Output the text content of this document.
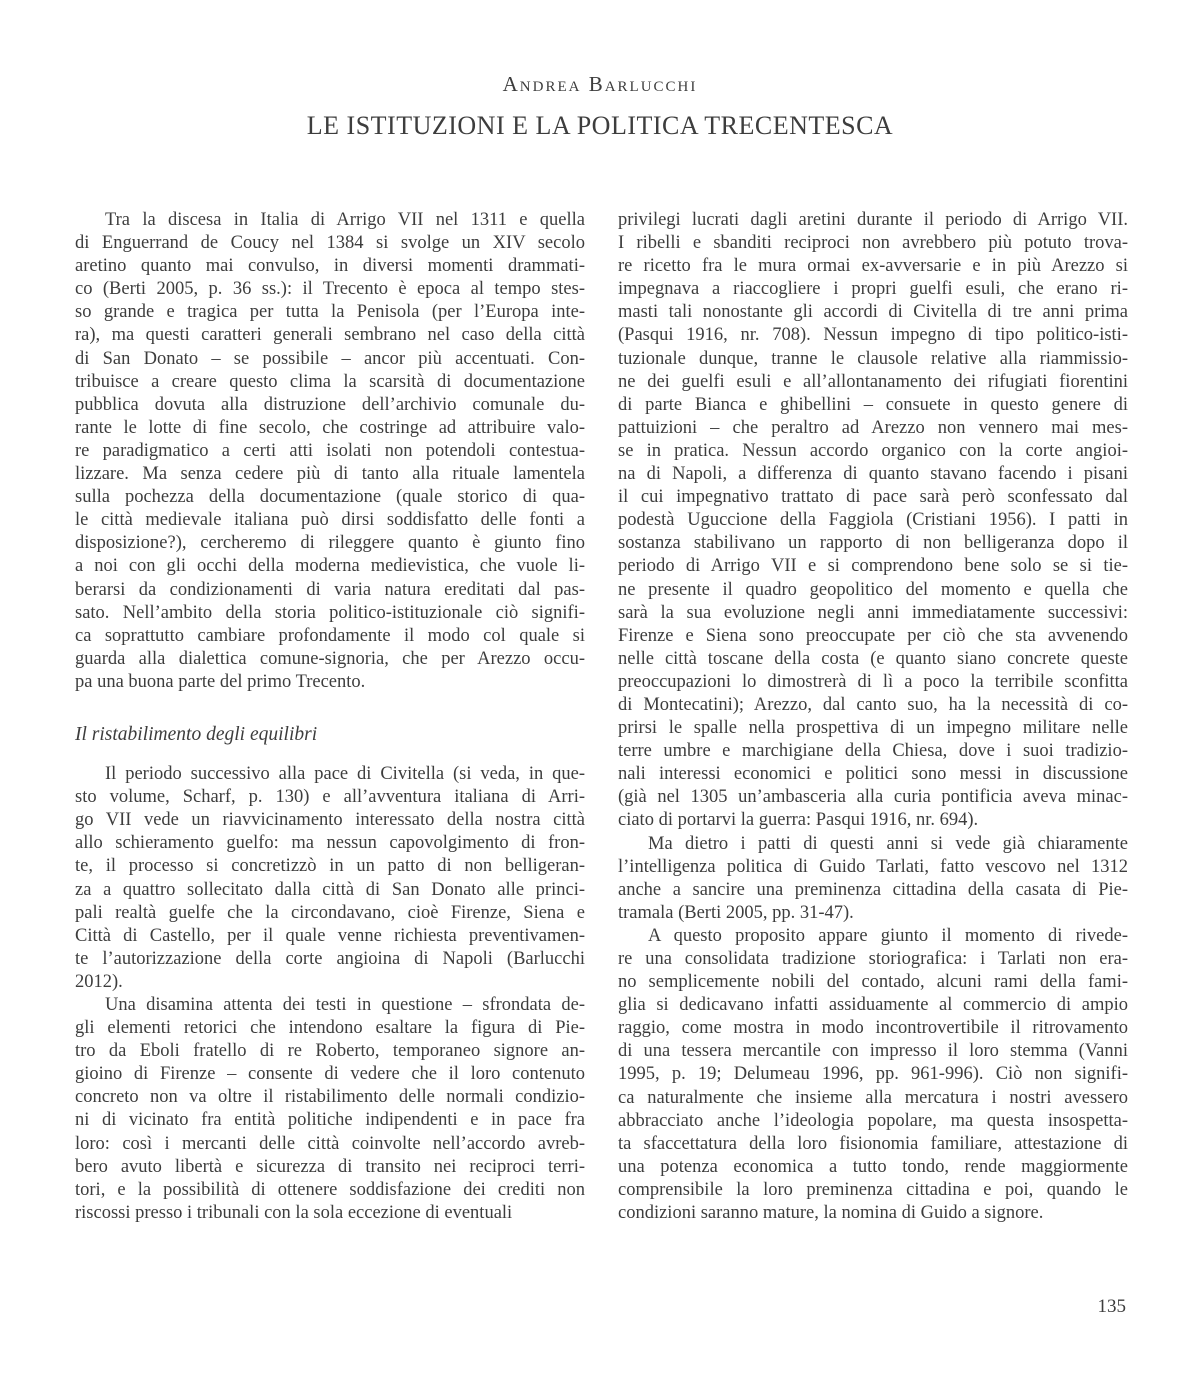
Andrea Barlucchi
LE ISTITUZIONI E LA POLITICA TRECENTESCA
Tra la discesa in Italia di Arrigo VII nel 1311 e quella
di Enguerrand de Coucy nel 1384 si svolge un XIV secolo
aretino quanto mai convulso, in diversi momenti drammati-
co (Berti 2005, p. 36 ss.): il Trecento è epoca al tempo stes-
so grande e tragica per tutta la Penisola (per l’Europa inte-
ra), ma questi caratteri generali sembrano nel caso della città
di San Donato – se possibile – ancor più accentuati. Con-
tribuisce a creare questo clima la scarsità di documentazione
pubblica dovuta alla distruzione dell’archivio comunale du-
rante le lotte di fine secolo, che costringe ad attribuire valo-
re paradigmatico a certi atti isolati non potendoli contestua-
lizzare. Ma senza cedere più di tanto alla rituale lamentela
sulla pochezza della documentazione (quale storico di qua-
le città medievale italiana può dirsi soddisfatto delle fonti a
disposizione?), cercheremo di rileggere quanto è giunto fino
a noi con gli occhi della moderna medievistica, che vuole li-
berarsi da condizionamenti di varia natura ereditati dal pas-
sato. Nell’ambito della storia politico-istituzionale ciò signifi-
ca soprattutto cambiare profondamente il modo col quale si
guarda alla dialettica comune-signoria, che per Arezzo occu-
pa una buona parte del primo Trecento.
Il ristabilimento degli equilibri
Il periodo successivo alla pace di Civitella (si veda, in que-
sto volume, Scharf, p. 130) e all’avventura italiana di Arri-
go VII vede un riavvicinamento interessato della nostra città
allo schieramento guelfo: ma nessun capovolgimento di fron-
te, il processo si concretizzò in un patto di non belligeran-
za a quattro sollecitato dalla città di San Donato alle princi-
pali realtà guelfe che la circondavano, cioè Firenze, Siena e
Città di Castello, per il quale venne richiesta preventivamen-
te l’autorizzazione della corte angioina di Napoli (Barlucchi
2012).
Una disamina attenta dei testi in questione – sfrondata de-
gli elementi retorici che intendono esaltare la figura di Pie-
tro da Eboli fratello di re Roberto, temporaneo signore an-
gioino di Firenze – consente di vedere che il loro contenuto
concreto non va oltre il ristabilimento delle normali condizio-
ni di vicinato fra entità politiche indipendenti e in pace fra
loro: così i mercanti delle città coinvolte nell’accordo avreb-
bero avuto libertà e sicurezza di transito nei reciproci terri-
tori, e la possibilità di ottenere soddisfazione dei crediti non
riscossi presso i tribunali con la sola eccezione di eventuali
privilegi lucrati dagli aretini durante il periodo di Arrigo VII.
I ribelli e sbanditi reciproci non avrebbero più potuto trova-
re ricetto fra le mura ormai ex-avversarie e in più Arezzo si
impegnava a riaccogliere i propri guelfi esuli, che erano ri-
masti tali nonostante gli accordi di Civitella di tre anni prima
(Pasqui 1916, nr. 708). Nessun impegno di tipo politico-isti-
tuzionale dunque, tranne le clausole relative alla riammissio-
ne dei guelfi esuli e all’allontanamento dei rifugiati fiorentini
di parte Bianca e ghibellini – consuete in questo genere di
pattuizioni – che peraltro ad Arezzo non vennero mai mes-
se in pratica. Nessun accordo organico con la corte angioi-
na di Napoli, a differenza di quanto stavano facendo i pisani
il cui impegnativo trattato di pace sarà però sconfessato dal
podestà Uguccione della Faggiola (Cristiani 1956). I patti in
sostanza stabilivano un rapporto di non belligeranza dopo il
periodo di Arrigo VII e si comprendono bene solo se si tie-
ne presente il quadro geopolitico del momento e quella che
sarà la sua evoluzione negli anni immediatamente successivi:
Firenze e Siena sono preoccupate per ciò che sta avvenendo
nelle città toscane della costa (e quanto siano concrete queste
preoccupazioni lo dimostrerà di lì a poco la terribile sconfitta
di Montecatini); Arezzo, dal canto suo, ha la necessità di co-
prirsi le spalle nella prospettiva di un impegno militare nelle
terre umbre e marchigiane della Chiesa, dove i suoi tradizio-
nali interessi economici e politici sono messi in discussione
(già nel 1305 un’ambasceria alla curia pontificia aveva minac-
ciato di portarvi la guerra: Pasqui 1916, nr. 694).
Ma dietro i patti di questi anni si vede già chiaramente
l’intelligenza politica di Guido Tarlati, fatto vescovo nel 1312
anche a sancire una preminenza cittadina della casata di Pie-
tramala (Berti 2005, pp. 31-47).
A questo proposito appare giunto il momento di rivede-
re una consolidata tradizione storiografica: i Tarlati non era-
no semplicemente nobili del contado, alcuni rami della fami-
glia si dedicavano infatti assiduamente al commercio di ampio
raggio, come mostra in modo incontrovertibile il ritrovamento
di una tessera mercantile con impresso il loro stemma (Vanni
1995, p. 19; Delumeau 1996, pp. 961-996). Ciò non signifi-
ca naturalmente che insieme alla mercatura i nostri avessero
abbracciato anche l’ideologia popolare, ma questa insospetta-
ta sfaccettatura della loro fisionomia familiare, attestazione di
una potenza economica a tutto tondo, rende maggiormente
comprensibile la loro preminenza cittadina e poi, quando le
condizioni saranno mature, la nomina di Guido a signore.
135
